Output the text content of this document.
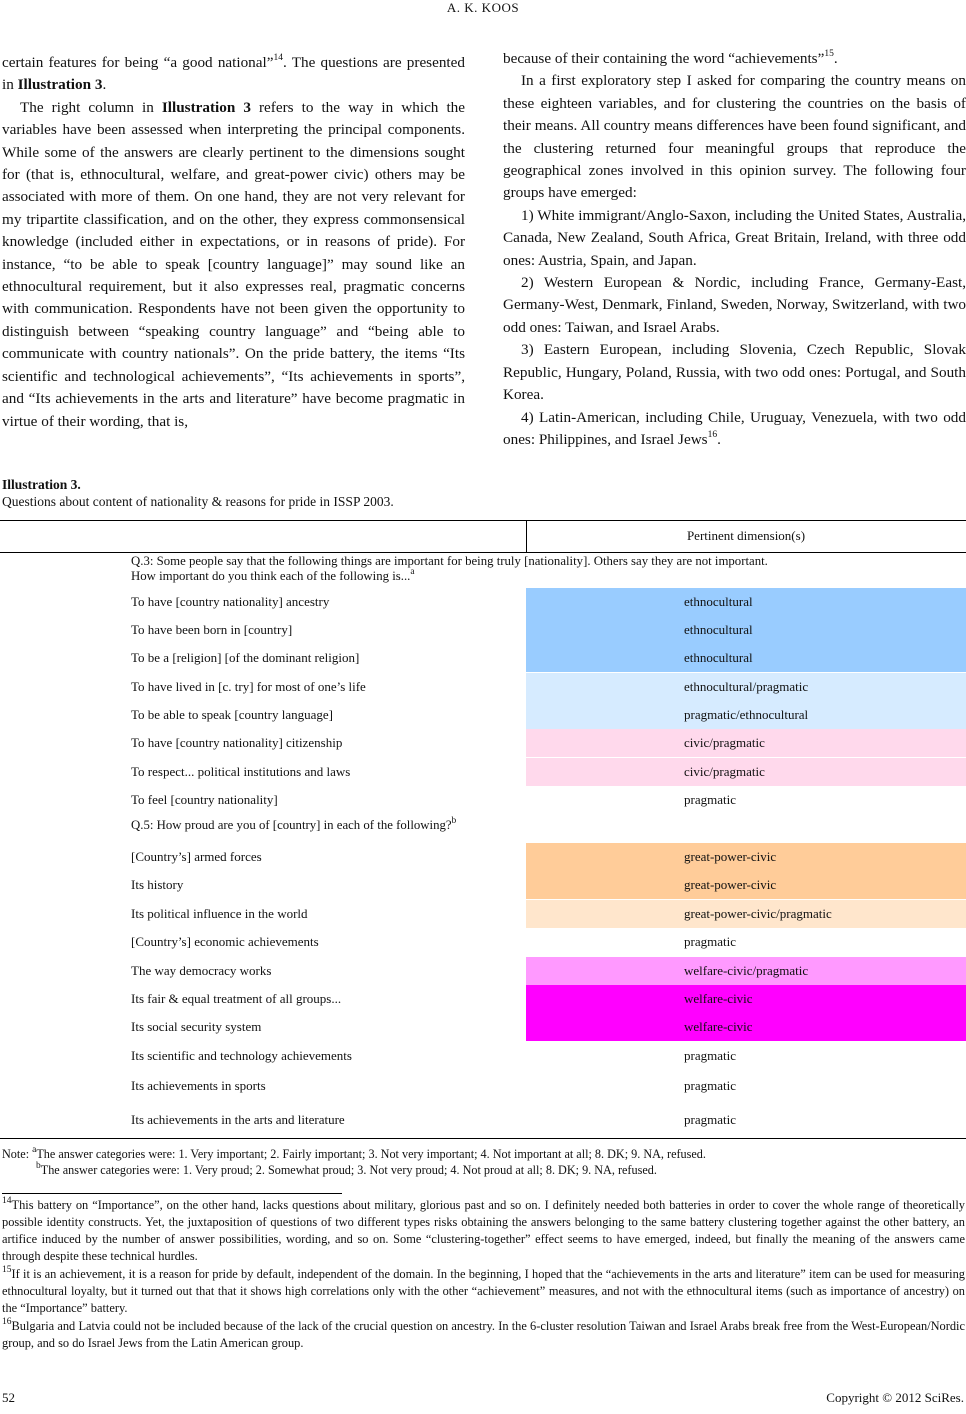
A. K. KOOS

certain features for being “a good national”$^{14}$. The questions are presented in Illustration 3.

The right column in Illustration 3 refers to the way in which the variables have been assessed when interpreting the principal components. While some of the answers are clearly pertinent to the dimensions sought for (that is, ethnocultural, welfare, and great-power civic) others may be associated with more of them. On one hand, they are not very relevant for my tripartite classification, and on the other, they express commonsensical knowledge (included either in expectations, or in reasons of pride). For instance, “to be able to speak [country language]” may sound like an ethnocultural requirement, but it also expresses real, pragmatic concerns with communication. Respondents have not been given the opportunity to distinguish between “speaking country language” and “being able to communicate with country nationals”. On the pride battery, the items “Its scientific and technological achievements”, “Its achievements in sports”, and “Its achievements in the arts and literature” have become pragmatic in virtue of their wording, that is,

because of their containing the word “achievements”$^{15}$.

In a first exploratory step I asked for comparing the country means on these eighteen variables, and for clustering the countries on the basis of their means. All country means differences have been found significant, and the clustering returned four meaningful groups that reproduce the geographical zones involved in this opinion survey. The following four groups have emerged:

1) White immigrant/Anglo-Saxon, including the United States, Australia, Canada, New Zealand, South Africa, Great Britain, Ireland, with three odd ones: Austria, Spain, and Japan.

2) Western European & Nordic, including France, Germany-East, Germany-West, Denmark, Finland, Sweden, Norway, Switzerland, with two odd ones: Taiwan, and Israel Arabs.

3) Eastern European, including Slovenia, Czech Republic, Slovak Republic, Hungary, Poland, Russia, with two odd ones: Portugal, and South Korea.

4) Latin-American, including Chile, Uruguay, Venezuela, with two odd ones: Philippines, and Israel Jews$^{16}$.

Illustration 3.
Questions about content of nationality & reasons for pride in ISSP 2003.
Pertinent dimension(s)
Q.3: Some people say that the following things are important for being truly [nationality]. Others say they are not important.
How important do you think each of the following is...$^a$
Q.5: How proud are you of [country] in each of the following?$^b$
To have [country nationality] ancestry	ethnocultural
To have been born in [country]	ethnocultural
To be a [religion] [of the dominant religion]	ethnocultural
To have lived in [c. try] for most of one’s life	ethnocultural/pragmatic
To be able to speak [country language]	pragmatic/ethnocultural
To have [country nationality] citizenship	civic/pragmatic
To respect... political institutions and laws	civic/pragmatic
To feel [country nationality]	pragmatic
[Country’s] armed forces	great-power-civic
Its history	great-power-civic
Its political influence in the world	great-power-civic/pragmatic
[Country’s] economic achievements	pragmatic
The way democracy works	welfare-civic/pragmatic
Its fair & equal treatment of all groups...	welfare-civic
Its social security system	welfare-civic
Its scientific and technology achievements	pragmatic
Its achievements in sports	pragmatic
Its achievements in the arts and literature	pragmatic
Note: $^a$The answer categories were: 1. Very important; 2. Fairly important; 3. Not very important; 4. Not important at all; 8. DK; 9. NA, refused.
$^b$The answer categories were: 1. Very proud; 2. Somewhat proud; 3. Not very proud; 4. Not proud at all; 8. DK; 9. NA, refused.
$^{14}$This battery on “Importance”, on the other hand, lacks questions about military, glorious past and so on. I definitely needed both batteries in order to cover the whole range of theoretically possible identity constructs. Yet, the juxtaposition of questions of two different types risks obtaining the answers belonging to the same battery clustering together against the other battery, an artifice induced by the number of answer possibilities, wording, and so on. Some “clustering-together” effect seems to have emerged, indeed, but finally the meaning of the answers came through despite these technical hurdles.
$^{15}$If it is an achievement, it is a reason for pride by default, independent of the domain. In the beginning, I hoped that the “achievements in the arts and literature” item can be used for measuring ethnocultural loyalty, but it turned out that that it shows high correlations only with the other “achievement” measures, and not with the ethnocultural items (such as importance of ancestry) on the “Importance” battery.
$^{16}$Bulgaria and Latvia could not be included because of the lack of the crucial question on ancestry. In the 6-cluster resolution Taiwan and Israel Arabs break free from the West-European/Nordic group, and so do Israel Jews from the Latin American group.
52	Copyright © 2012 SciRes.
